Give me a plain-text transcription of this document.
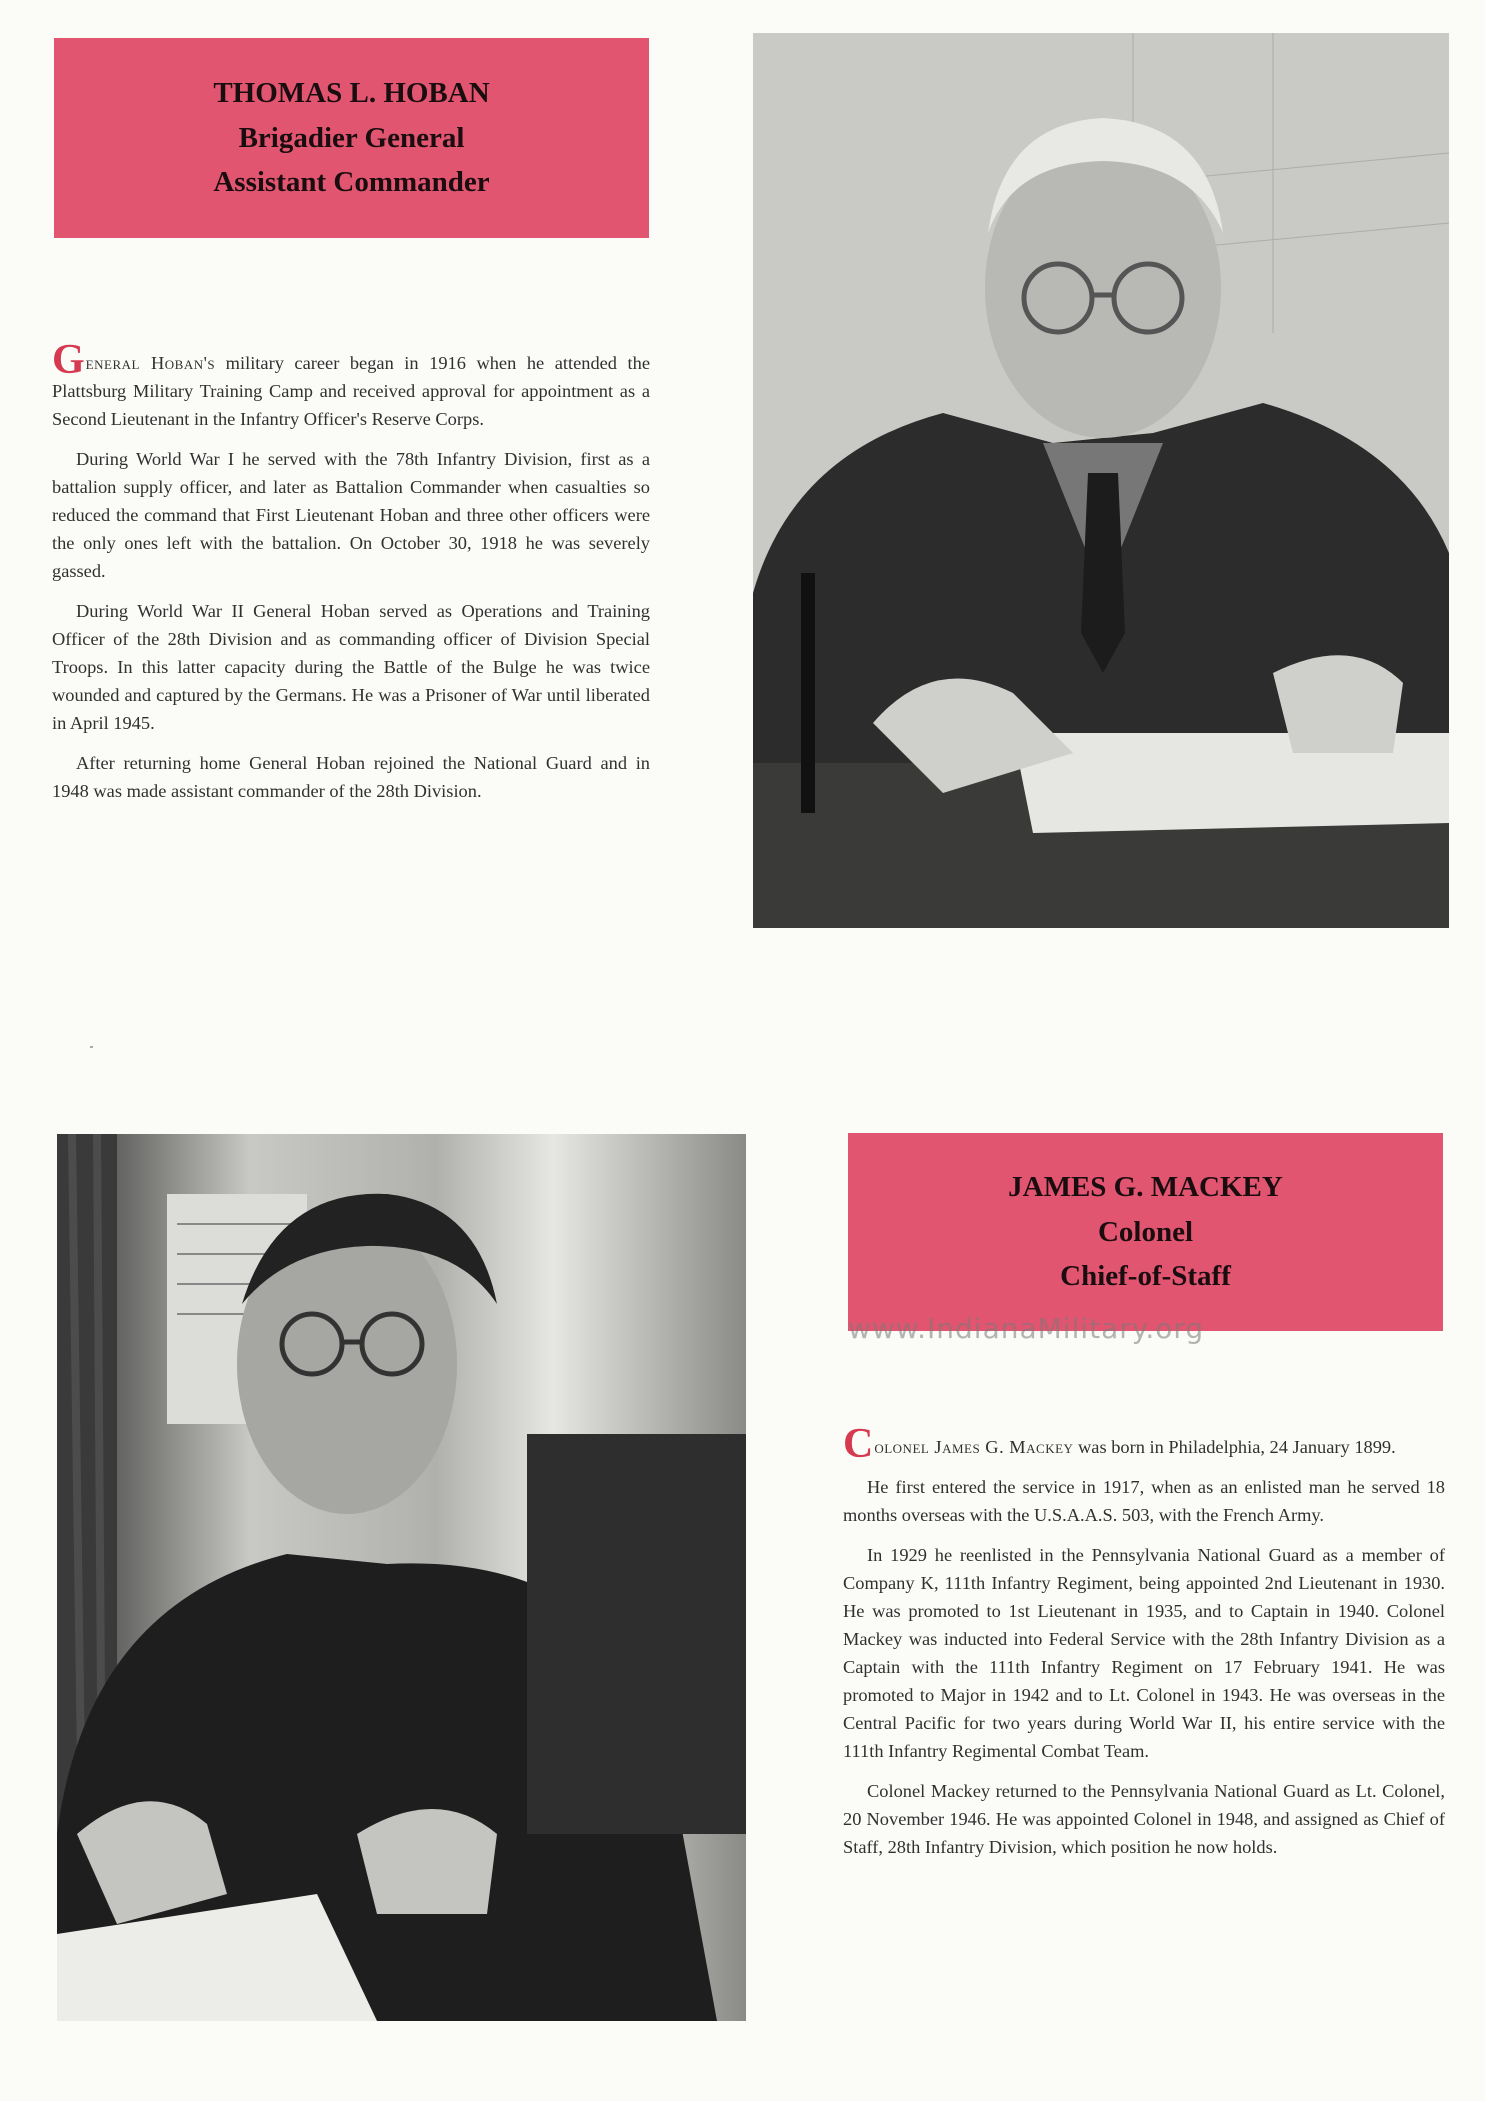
THOMAS L. HOBAN
Brigadier General
Assistant Commander

General Hoban's military career began in 1916 when he attended the Plattsburg Military Training Camp and received approval for appointment as a Second Lieutenant in the Infantry Officer's Reserve Corps.

During World War I he served with the 78th Infantry Division, first as a battalion supply officer, and later as Battalion Commander when casualties so reduced the command that First Lieutenant Hoban and three other officers were the only ones left with the battalion. On October 30, 1918 he was severely gassed.

During World War II General Hoban served as Operations and Training Officer of the 28th Division and as commanding officer of Division Special Troops. In this latter capacity during the Battle of the Bulge he was twice wounded and captured by the Germans. He was a Prisoner of War until liberated in April 1945.

After returning home General Hoban rejoined the National Guard and in 1948 was made assistant commander of the 28th Division.

JAMES G. MACKEY
Colonel
Chief-of-Staff
www.IndianaMilitary.org

Colonel James G. Mackey was born in Philadelphia, 24 January 1899.

He first entered the service in 1917, when as an enlisted man he served 18 months overseas with the U.S.A.A.S. 503, with the French Army.

In 1929 he reenlisted in the Pennsylvania National Guard as a member of Company K, 111th Infantry Regiment, being appointed 2nd Lieutenant in 1930. He was promoted to 1st Lieutenant in 1935, and to Captain in 1940. Colonel Mackey was inducted into Federal Service with the 28th Infantry Division as a Captain with the 111th Infantry Regiment on 17 February 1941. He was promoted to Major in 1942 and to Lt. Colonel in 1943. He was overseas in the Central Pacific for two years during World War II, his entire service with the 111th Infantry Regimental Combat Team.

Colonel Mackey returned to the Pennsylvania National Guard as Lt. Colonel, 20 November 1946. He was appointed Colonel in 1948, and assigned as Chief of Staff, 28th Infantry Division, which position he now holds.
